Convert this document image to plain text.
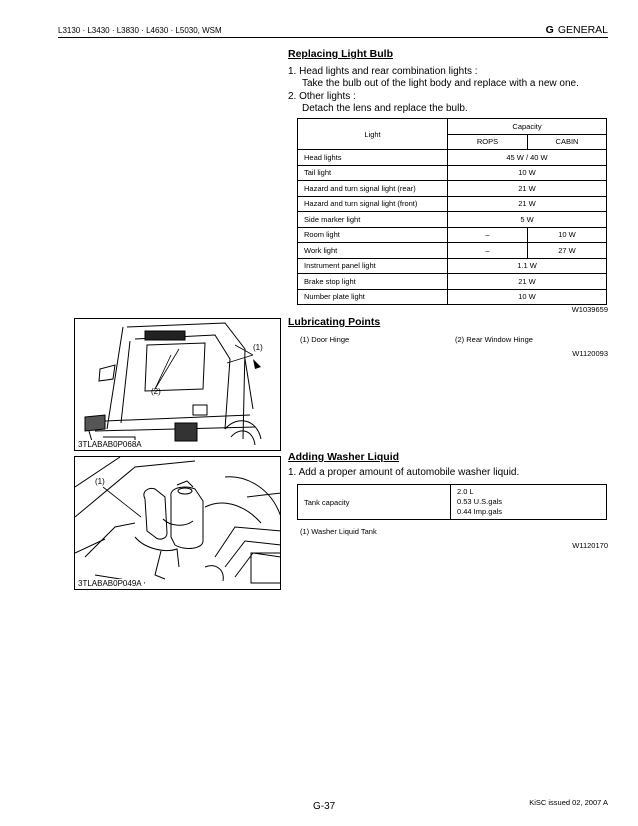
L3130 · L3430 · L3830 · L4630 · L5030, WSM	G GENERAL
Replacing Light Bulb
1. Head lights and rear combination lights :
Take the bulb out of the light body and replace with a new one.
2. Other lights :
Detach the lens and replace the bulb.
Light	Capacity	
	ROPS	CABIN
Head lights	45 W / 40 W	
Tail light	10 W	
Hazard and turn signal light (rear)	21 W	
Hazard and turn signal light (front)	21 W	
Side marker light	5 W	
Room light	–	10 W
Work light	–	27 W
Instrument panel light	1.1 W	
Brake stop light	21 W	
Number plate light	10 W	
W1039659
Lubricating Points
(1) Door Hinge	(2) Rear Window Hinge
W1120093
Adding Washer Liquid
1. Add a proper amount of automobile washer liquid.
Tank capacity	
2.0 L
0.53 U.S.gals
0.44 Imp.gals
(1) Washer Liquid Tank
W1120170
(1)
(2)
3TLABAB0P068A
(1)
3TLABAB0P049A
G-37	KiSC issued 02, 2007 A
